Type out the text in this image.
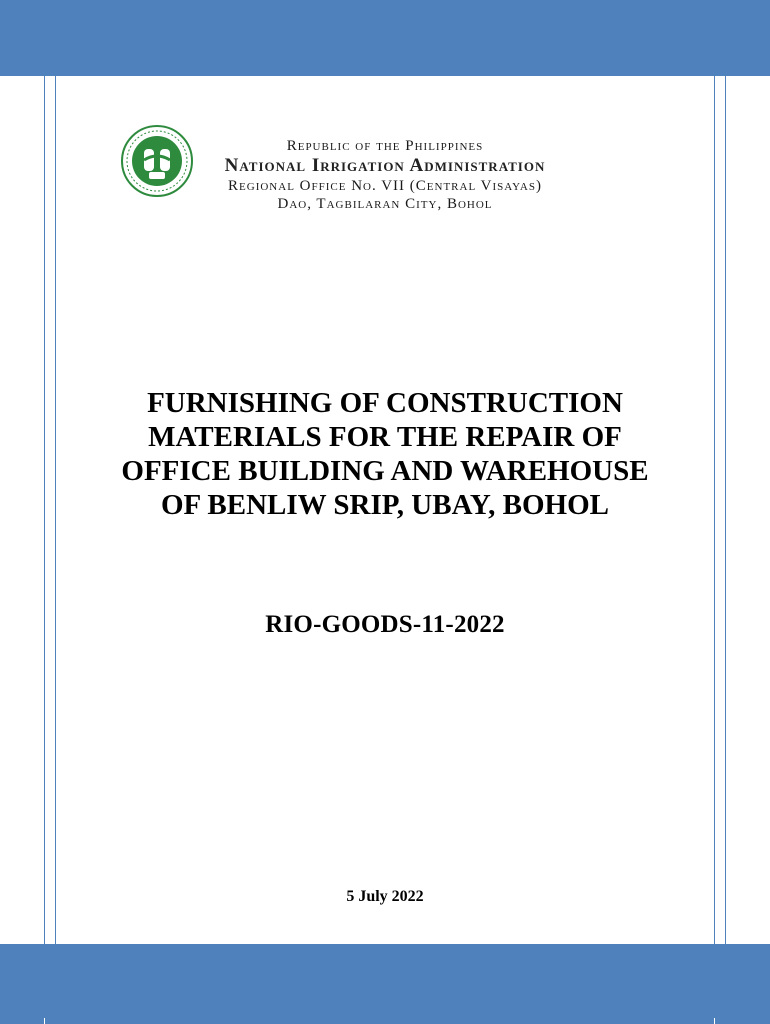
Republic of the Philippines
National Irrigation Administration
Regional Office No. VII (Central Visayas)
Dao, Tagbilaran City, Bohol
FURNISHING OF CONSTRUCTION
MATERIALS FOR THE REPAIR OF
OFFICE BUILDING AND WAREHOUSE
OF BENLIW SRIP, UBAY, BOHOL
RIO-GOODS-11-2022
5 July 2022
